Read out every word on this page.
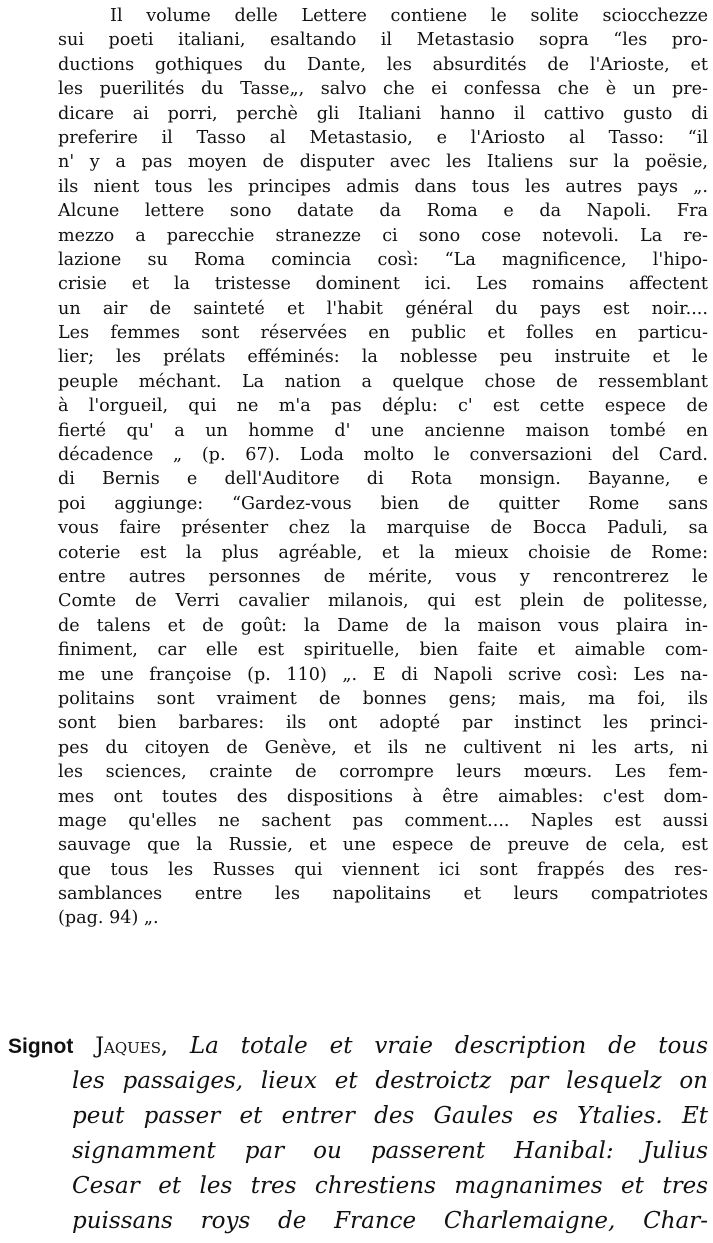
Il volume delle Lettere contiene le solite sciocchezze
sui poeti italiani, esaltando il Metastasio sopra “les pro-
ductions gothiques du Dante, les absurdités de l'Arioste, et
les puerilités du Tasse„, salvo che ei confessa che è un pre-
dicare ai porri, perchè gli Italiani hanno il cattivo gusto di
preferire il Tasso al Metastasio, e l'Ariosto al Tasso: “il
n' y a pas moyen de disputer avec les Italiens sur la poësie,
ils nient tous les principes admis dans tous les autres pays „.
Alcune lettere sono datate da Roma e da Napoli. Fra
mezzo a parecchie stranezze ci sono cose notevoli. La re-
lazione su Roma comincia così: “La magnificence, l'hipo-
crisie et la tristesse dominent ici. Les romains affectent
un air de sainteté et l'habit général du pays est noir....
Les femmes sont réservées en public et folles en particu-
lier; les prélats efféminés: la noblesse peu instruite et le
peuple méchant. La nation a quelque chose de ressemblant
à l'orgueil, qui ne m'a pas déplu: c' est cette espece de
fierté qu' a un homme d' une ancienne maison tombé en
décadence „ (p. 67). Loda molto le conversazioni del Card.
di Bernis e dell'Auditore di Rota monsign. Bayanne, e
poi aggiunge: “Gardez-vous bien de quitter Rome sans
vous faire présenter chez la marquise de Bocca Paduli, sa
coterie est la plus agréable, et la mieux choisie de Rome:
entre autres personnes de mérite, vous y rencontrerez le
Comte de Verri cavalier milanois, qui est plein de politesse,
de talens et de goût: la Dame de la maison vous plaira in-
finiment, car elle est spirituelle, bien faite et aimable com-
me une françoise (p. 110) „. E di Napoli scrive così: Les na-
politains sont vraiment de bonnes gens; mais, ma foi, ils
sont bien barbares: ils ont adopté par instinct les princi-
pes du citoyen de Genève, et ils ne cultivent ni les arts, ni
les sciences, crainte de corrompre leurs mœurs. Les fem-
mes ont toutes des dispositions à être aimables: c'est dom-
mage qu'elles ne sachent pas comment.... Naples est aussi
sauvage que la Russie, et une espece de preuve de cela, est
que tous les Russes qui viennent ici sont frappés des res-
samblances entre les napolitains et leurs compatriotes
(pag. 94) „.
Signot Jaques, La totale et vraie description de tous
les passaiges, lieux et destroictz par lesquelz on
peut passer et entrer des Gaules es Ytalies. Et
signamment par ou passerent Hanibal: Julius
Cesar et les tres chrestiens magnanimes et tres
puissans roys de France Charlemaigne, Char-
